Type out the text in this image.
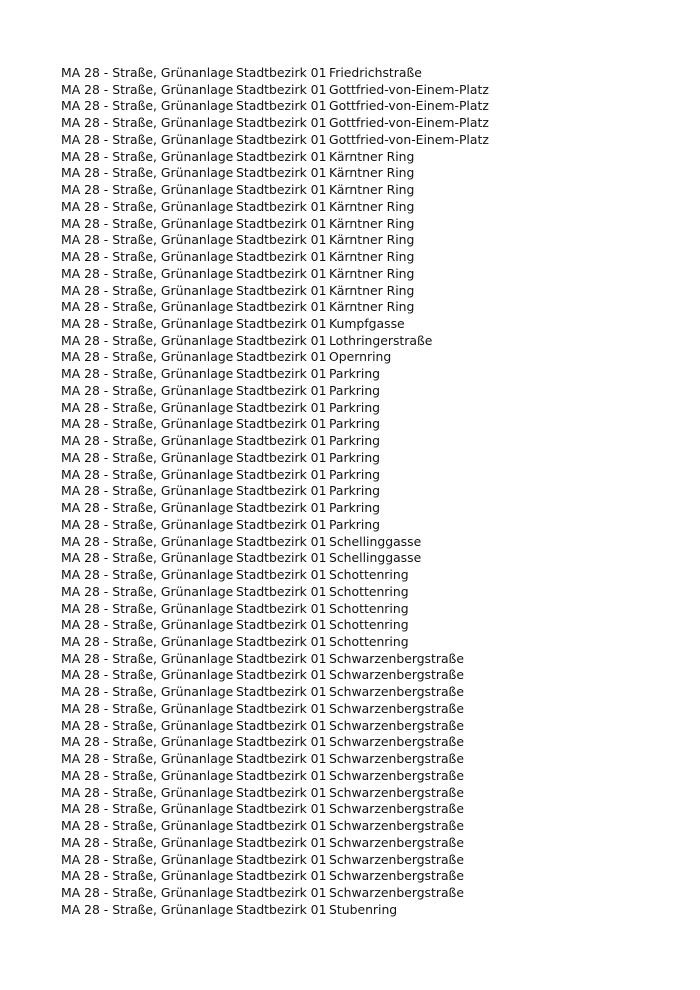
MA 28 - Straße, Grünanlage Stadtbezirk 01 Friedrichstraße
MA 28 - Straße, Grünanlage Stadtbezirk 01 Gottfried-von-Einem-Platz
MA 28 - Straße, Grünanlage Stadtbezirk 01 Gottfried-von-Einem-Platz
MA 28 - Straße, Grünanlage Stadtbezirk 01 Gottfried-von-Einem-Platz
MA 28 - Straße, Grünanlage Stadtbezirk 01 Gottfried-von-Einem-Platz
MA 28 - Straße, Grünanlage Stadtbezirk 01 Kärntner Ring
MA 28 - Straße, Grünanlage Stadtbezirk 01 Kärntner Ring
MA 28 - Straße, Grünanlage Stadtbezirk 01 Kärntner Ring
MA 28 - Straße, Grünanlage Stadtbezirk 01 Kärntner Ring
MA 28 - Straße, Grünanlage Stadtbezirk 01 Kärntner Ring
MA 28 - Straße, Grünanlage Stadtbezirk 01 Kärntner Ring
MA 28 - Straße, Grünanlage Stadtbezirk 01 Kärntner Ring
MA 28 - Straße, Grünanlage Stadtbezirk 01 Kärntner Ring
MA 28 - Straße, Grünanlage Stadtbezirk 01 Kärntner Ring
MA 28 - Straße, Grünanlage Stadtbezirk 01 Kärntner Ring
MA 28 - Straße, Grünanlage Stadtbezirk 01 Kumpfgasse
MA 28 - Straße, Grünanlage Stadtbezirk 01 Lothringerstraße
MA 28 - Straße, Grünanlage Stadtbezirk 01 Opernring
MA 28 - Straße, Grünanlage Stadtbezirk 01 Parkring
MA 28 - Straße, Grünanlage Stadtbezirk 01 Parkring
MA 28 - Straße, Grünanlage Stadtbezirk 01 Parkring
MA 28 - Straße, Grünanlage Stadtbezirk 01 Parkring
MA 28 - Straße, Grünanlage Stadtbezirk 01 Parkring
MA 28 - Straße, Grünanlage Stadtbezirk 01 Parkring
MA 28 - Straße, Grünanlage Stadtbezirk 01 Parkring
MA 28 - Straße, Grünanlage Stadtbezirk 01 Parkring
MA 28 - Straße, Grünanlage Stadtbezirk 01 Parkring
MA 28 - Straße, Grünanlage Stadtbezirk 01 Parkring
MA 28 - Straße, Grünanlage Stadtbezirk 01 Schellinggasse
MA 28 - Straße, Grünanlage Stadtbezirk 01 Schellinggasse
MA 28 - Straße, Grünanlage Stadtbezirk 01 Schottenring
MA 28 - Straße, Grünanlage Stadtbezirk 01 Schottenring
MA 28 - Straße, Grünanlage Stadtbezirk 01 Schottenring
MA 28 - Straße, Grünanlage Stadtbezirk 01 Schottenring
MA 28 - Straße, Grünanlage Stadtbezirk 01 Schottenring
MA 28 - Straße, Grünanlage Stadtbezirk 01 Schwarzenbergstraße
MA 28 - Straße, Grünanlage Stadtbezirk 01 Schwarzenbergstraße
MA 28 - Straße, Grünanlage Stadtbezirk 01 Schwarzenbergstraße
MA 28 - Straße, Grünanlage Stadtbezirk 01 Schwarzenbergstraße
MA 28 - Straße, Grünanlage Stadtbezirk 01 Schwarzenbergstraße
MA 28 - Straße, Grünanlage Stadtbezirk 01 Schwarzenbergstraße
MA 28 - Straße, Grünanlage Stadtbezirk 01 Schwarzenbergstraße
MA 28 - Straße, Grünanlage Stadtbezirk 01 Schwarzenbergstraße
MA 28 - Straße, Grünanlage Stadtbezirk 01 Schwarzenbergstraße
MA 28 - Straße, Grünanlage Stadtbezirk 01 Schwarzenbergstraße
MA 28 - Straße, Grünanlage Stadtbezirk 01 Schwarzenbergstraße
MA 28 - Straße, Grünanlage Stadtbezirk 01 Schwarzenbergstraße
MA 28 - Straße, Grünanlage Stadtbezirk 01 Schwarzenbergstraße
MA 28 - Straße, Grünanlage Stadtbezirk 01 Schwarzenbergstraße
MA 28 - Straße, Grünanlage Stadtbezirk 01 Schwarzenbergstraße
MA 28 - Straße, Grünanlage Stadtbezirk 01 Stubenring
